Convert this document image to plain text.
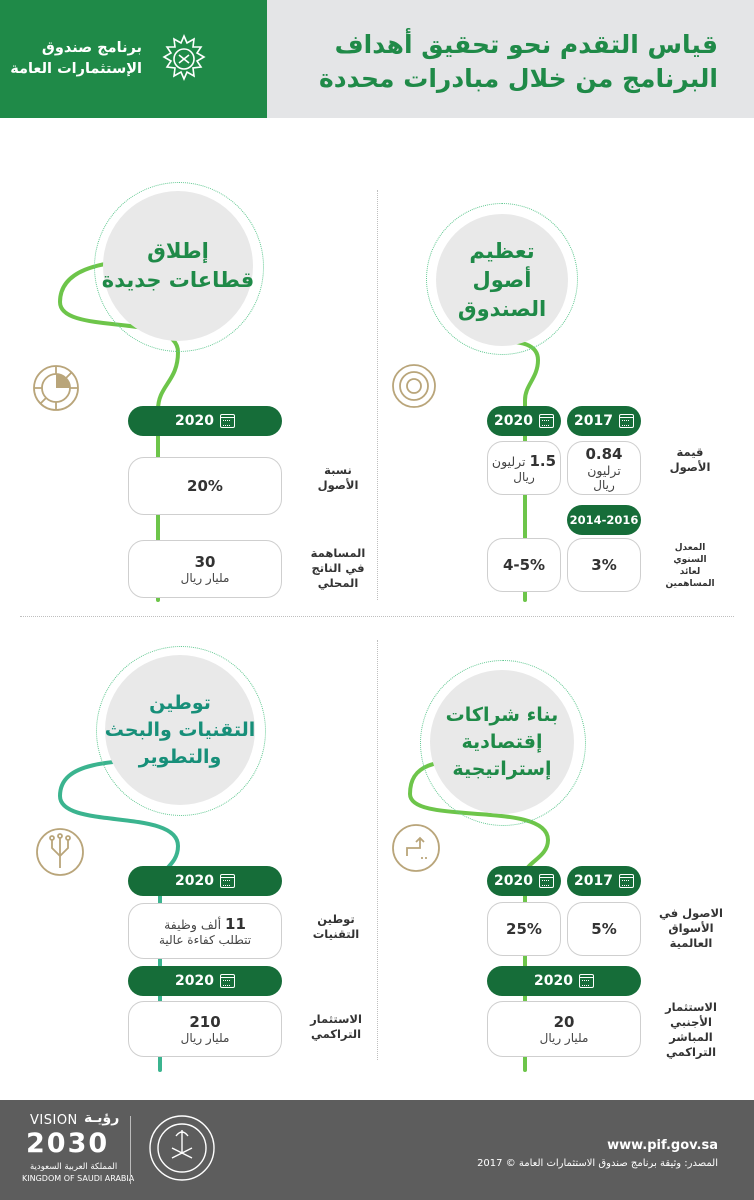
قياس التقدم نحو تحقيق أهداف
البرنامج من خلال مبادرات محددة
برنامج صندوق
الإستثمارات العامة
تعظيم
أصول
الصندوق
2017
2020
0.84 ترليون
ريال
1.5 ترليون
ريال
قيمة الأصول
2014-2016
3%
4-5%
المعدل
السنوي
لعائد
المساهمين
إطلاق
قطاعات جديدة
2020
20%
نسبة
الأصول
30
مليار ريال
المساهمة
في الناتج
المحلي
بناء شراكات
إقتصادية
إستراتيجية
2017
2020
5%
25%
الاصول في
الأسواق
العالمية
2020
20
مليار ريال
الاستثمار
الأجنبي
المباشر
التراكمي
توطين
التقنيات والبحث
والتطوير
2020
11 ألف وظيفة
تتطلب كفاءة عالية
توطين
التقنيات
2020
210
مليار ريال
الاستثمار
التراكمي
VISION رؤيـة
2030
المملكة العربية السعودية
KINGDOM OF SAUDI ARABIA
www.pif.gov.sa
المصدر: وثيقة برنامج صندوق الاستثمارات العامة © 2017
